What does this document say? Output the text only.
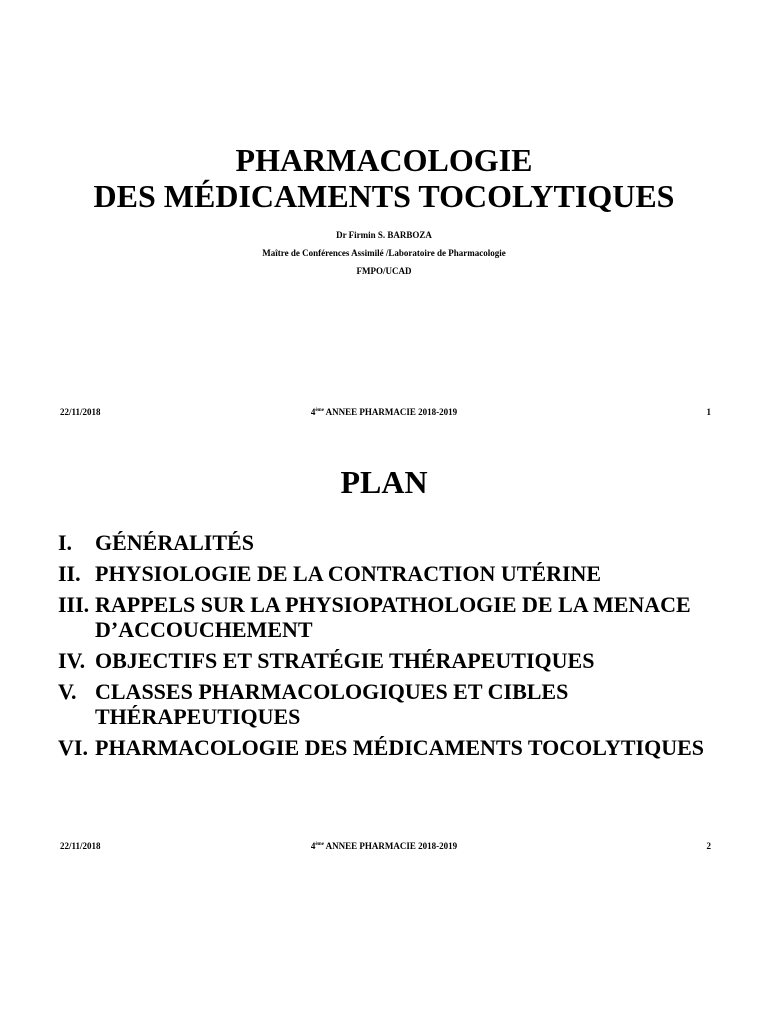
PHARMACOLOGIE
DES MÉDICAMENTS TOCOLYTIQUES
Dr Firmin S. BARBOZA
Maître de Conférences Assimilé /Laboratoire de Pharmacologie
FMPO/UCAD
22/11/2018	4ème ANNEE PHARMACIE 2018-2019	1
PLAN
I.	GÉNÉRALITÉS
II. PHYSIOLOGIE DE LA CONTRACTION UTÉRINE
III. RAPPELS SUR LA PHYSIOPATHOLOGIE DE LA MENACE D’ACCOUCHEMENT
IV. OBJECTIFS ET STRATÉGIE THÉRAPEUTIQUES
V. CLASSES PHARMACOLOGIQUES ET CIBLES THÉRAPEUTIQUES
VI. PHARMACOLOGIE DES MÉDICAMENTS TOCOLYTIQUES
22/11/2018	4ème ANNEE PHARMACIE 2018-2019	2
